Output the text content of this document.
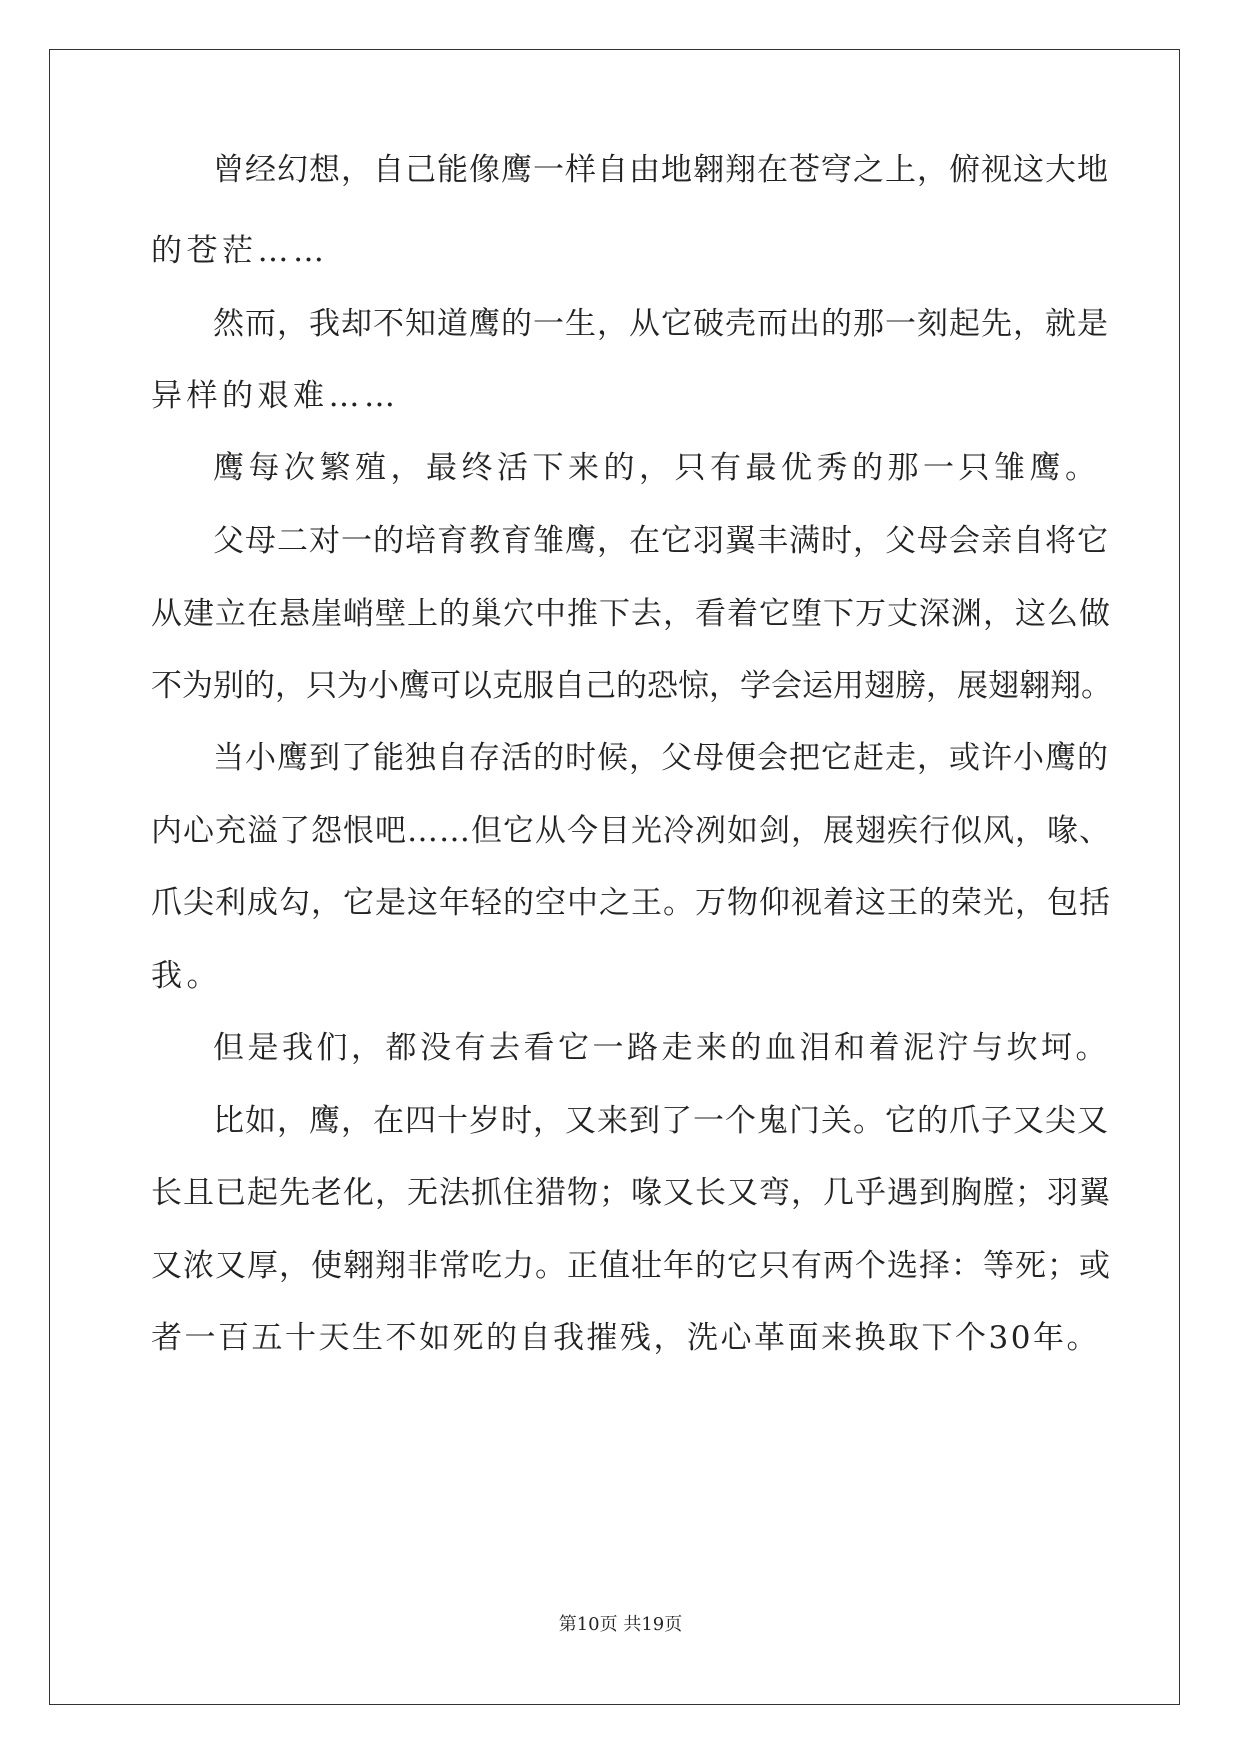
曾经幻想，自己能像鹰一样自由地翱翔在苍穹之上，俯视这大地
的苍茫……
然而，我却不知道鹰的一生，从它破壳而出的那一刻起先，就是
异样的艰难……
鹰每次繁殖，最终活下来的，只有最优秀的那一只雏鹰。
父母二对一的培育教育雏鹰，在它羽翼丰满时，父母会亲自将它
从建立在悬崖峭壁上的巢穴中推下去，看着它堕下万丈深渊，这么做
不为别的，只为小鹰可以克服自己的恐惊，学会运用翅膀，展翅翱翔。
当小鹰到了能独自存活的时候，父母便会把它赶走，或许小鹰的
内心充溢了怨恨吧……但它从今目光冷冽如剑，展翅疾行似风，喙、
爪尖利成勾，它是这年轻的空中之王。万物仰视着这王的荣光，包括
我。
但是我们，都没有去看它一路走来的血泪和着泥泞与坎坷。
比如，鹰，在四十岁时，又来到了一个鬼门关。它的爪子又尖又
长且已起先老化，无法抓住猎物；喙又长又弯，几乎遇到胸膛；羽翼
又浓又厚，使翱翔非常吃力。正值壮年的它只有两个选择：等死；或
者一百五十天生不如死的自我摧残，洗心革面来换取下个30年。
第10页 共19页
